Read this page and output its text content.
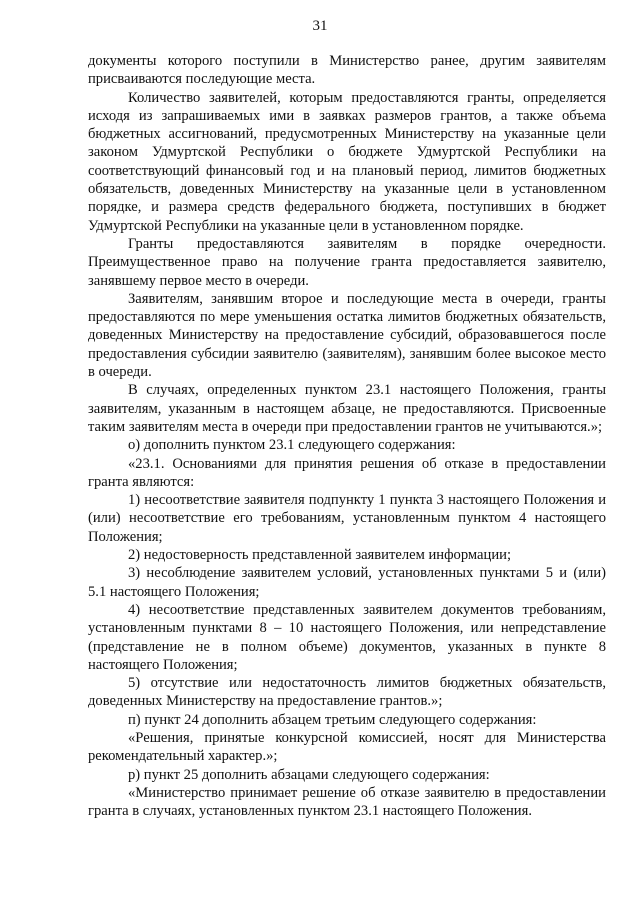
31

документы которого поступили в Министерство ранее, другим заявителям присваиваются последующие места.

Количество заявителей, которым предоставляются гранты, определяется исходя из запрашиваемых ими в заявках размеров грантов, а также объема бюджетных ассигнований, предусмотренных Министерству на указанные цели законом Удмуртской Республики о бюджете Удмуртской Республики на соответствующий финансовый год и на плановый период, лимитов бюджетных обязательств, доведенных Министерству на указанные цели в установленном порядке, и размера средств федерального бюджета, поступивших в бюджет Удмуртской Республики на указанные цели в установленном порядке.

Гранты предоставляются заявителям в порядке очередности. Преимущественное право на получение гранта предоставляется заявителю, занявшему первое место в очереди.

Заявителям, занявшим второе и последующие места в очереди, гранты предоставляются по мере уменьшения остатка лимитов бюджетных обязательств, доведенных Министерству на предоставление субсидий, образовавшегося после предоставления субсидии заявителю (заявителям), занявшим более высокое место в очереди.

В случаях, определенных пунктом 23.1 настоящего Положения, гранты заявителям, указанным в настоящем абзаце, не предоставляются. Присвоенные таким заявителям места в очереди при предоставлении грантов не учитываются.»;

о) дополнить пунктом 23.1 следующего содержания:

«23.1. Основаниями для принятия решения об отказе в предоставлении гранта являются:

1) несоответствие заявителя подпункту 1 пункта 3 настоящего Положения и (или) несоответствие его требованиям, установленным пунктом 4 настоящего Положения;

2) недостоверность представленной заявителем информации;

3) несоблюдение заявителем условий, установленных пунктами 5 и (или) 5.1 настоящего Положения;

4) несоответствие представленных заявителем документов требованиям, установленным пунктами 8 – 10 настоящего Положения, или непредставление (представление не в полном объеме) документов, указанных в пункте 8 настоящего Положения;

5) отсутствие или недостаточность лимитов бюджетных обязательств, доведенных Министерству на предоставление грантов.»;

п) пункт 24 дополнить абзацем третьим следующего содержания:

«Решения, принятые конкурсной комиссией, носят для Министерства рекомендательный характер.»;

р) пункт 25 дополнить абзацами следующего содержания:

«Министерство принимает решение об отказе заявителю в предоставлении гранта в случаях, установленных пунктом 23.1 настоящего Положения.
